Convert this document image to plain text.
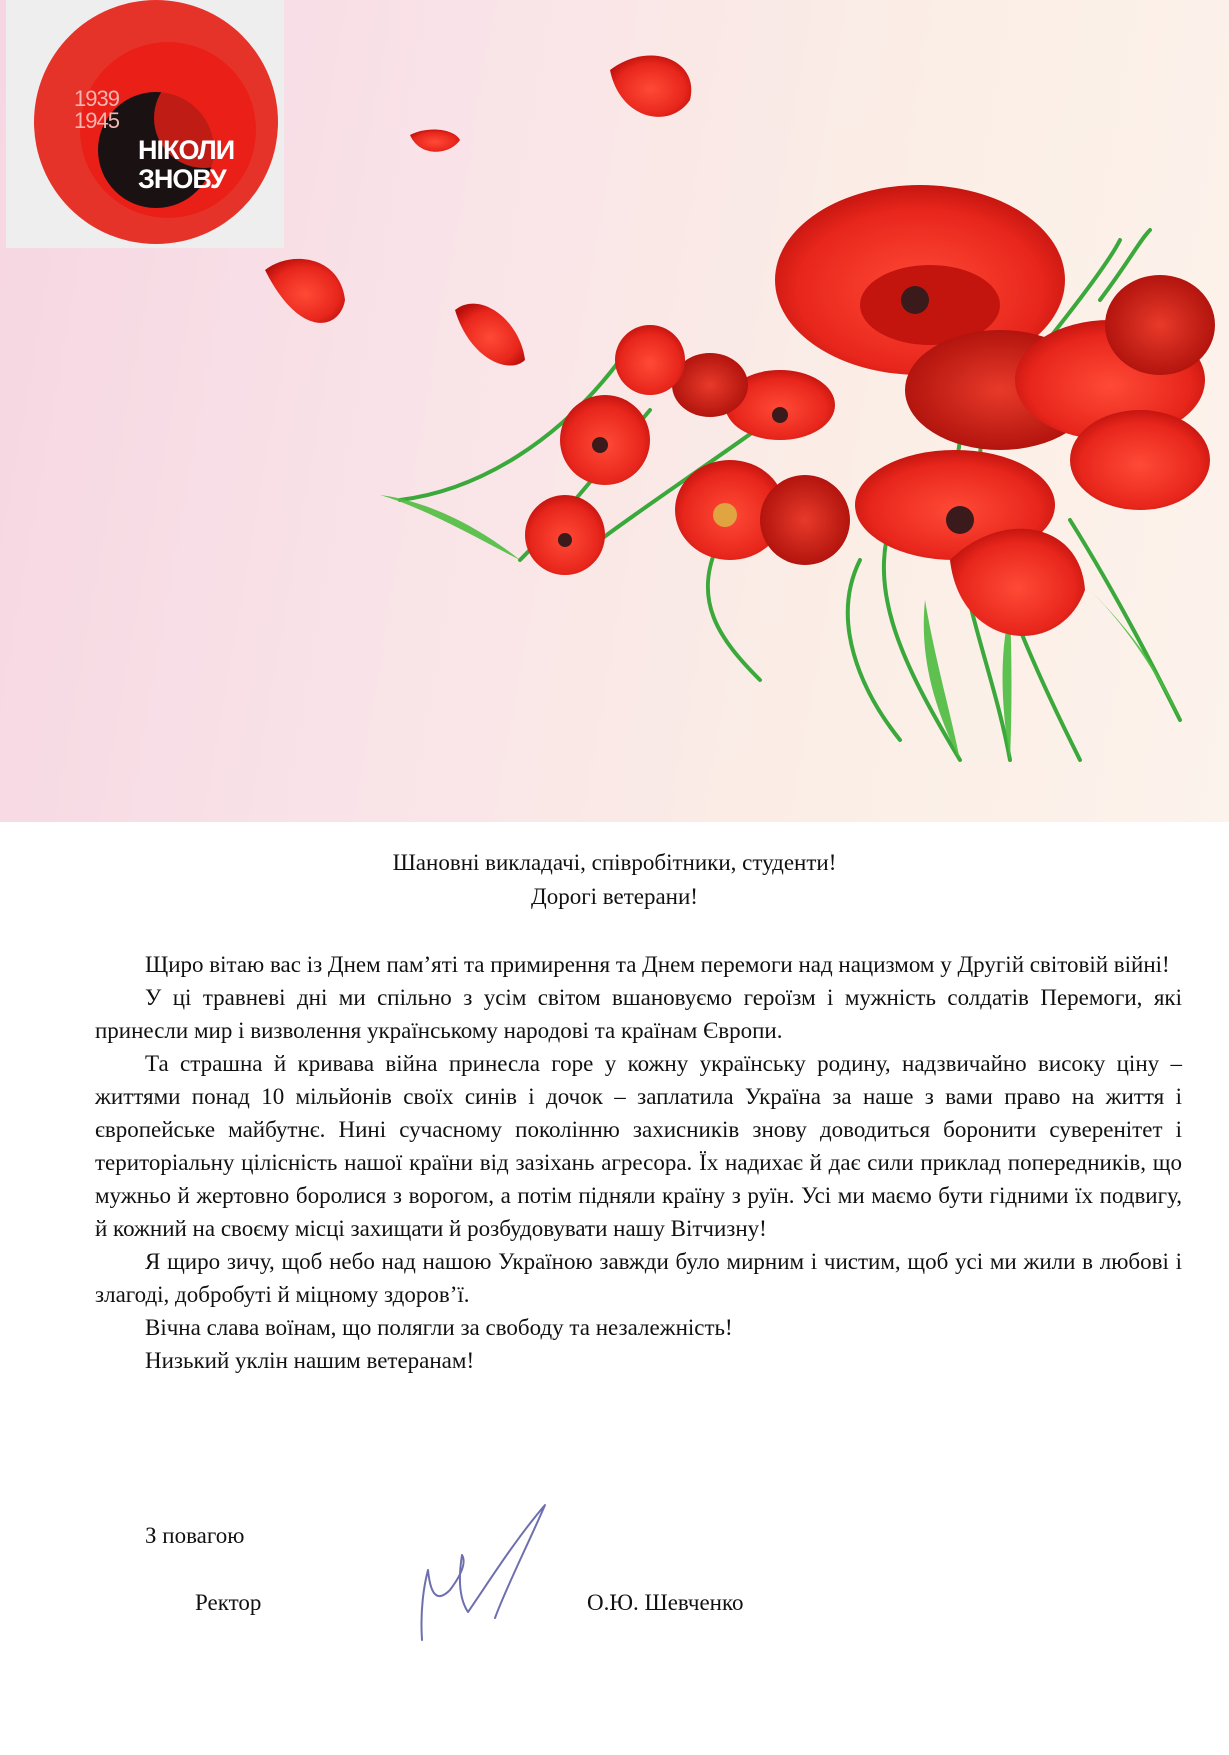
1939
1945
НІКОЛИ
ЗНОВУ
Шановні викладачі, співробітники, студенти!
Дорогі ветерани!

Щиро вітаю вас із Днем пам’яті та примирення та Днем перемоги над нацизмом у Другій світовій війні!

У ці травневі дні ми спільно з усім світом вшановуємо героїзм і мужність солдатів Перемоги, які принесли мир і визволення українському народові та країнам Європи.

Та страшна й кривава війна принесла горе у кожну українську родину, надзвичайно високу ціну – життями понад 10 мільйонів своїх синів і дочок – заплатила Україна за наше з вами право на життя і європейське майбутнє. Нині сучасному поколінню захисників знову доводиться боронити суверенітет і територіальну цілісність нашої країни від зазіхань агресора. Їх надихає й дає сили приклад попередників, що мужньо й жертовно боролися з ворогом, а потім підняли країну з руїн. Усі ми маємо бути гідними їх подвигу, й кожний на своєму місці захищати й розбудовувати нашу Вітчизну!

Я щиро зичу, щоб небо над нашою Україною завжди було мирним і чистим, щоб усі ми жили в любові і злагоді, добробуті й міцному здоров’ї.

Вічна слава воїнам, що полягли за свободу та незалежність!

Низький уклін нашим ветеранам!

З повагою
Ректор	О.Ю. Шевченко
